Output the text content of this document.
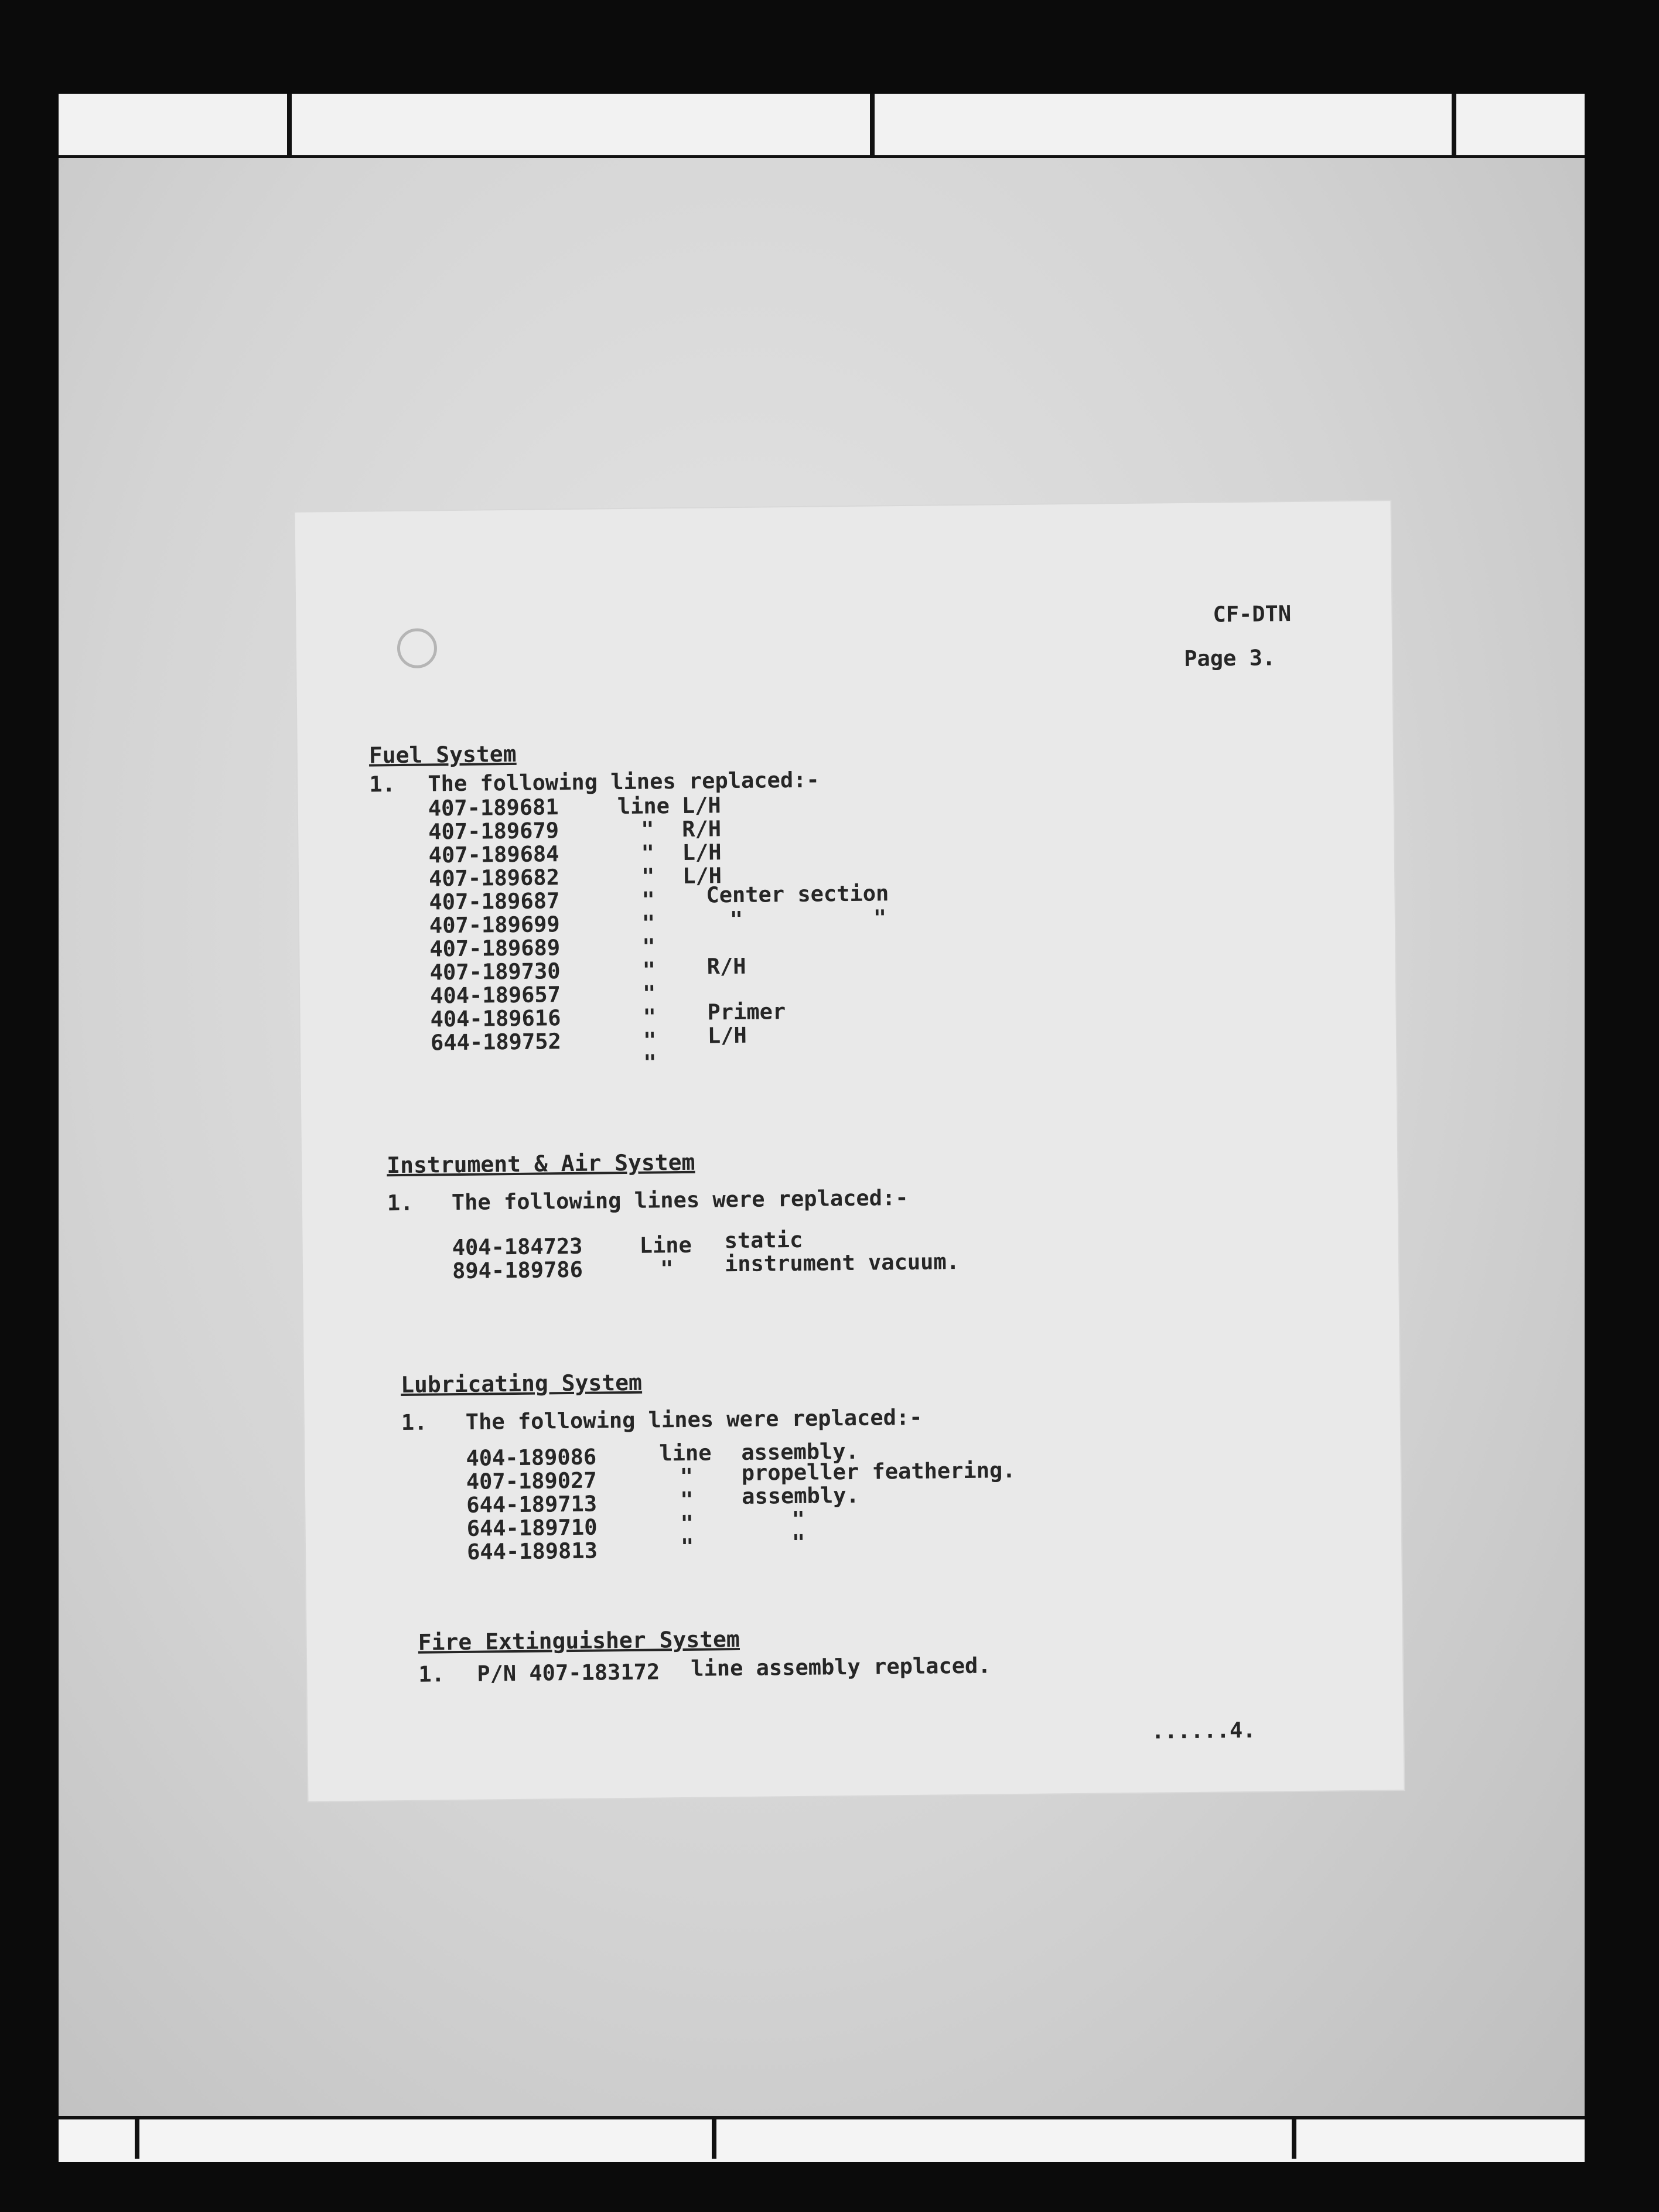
CF-DTN
Page 3.
Fuel System
1. The following lines replaced:-
407-189681	line L/H
407-189679	" R/H
407-189684	" L/H
407-189682	" L/H
407-189687	" Center section
407-189699	"	"          "
407-189689	"
407-189730	" R/H
404-189657	"
404-189616	" Primer
644-189752	" L/H
"
Instrument & Air System
1. The following lines were replaced:-
404-184723	Line static
894-189786	" instrument vacuum.
Lubricating System
1. The following lines were replaced:-
404-189086	line assembly.
407-189027	" propeller feathering.
644-189713	" assembly.
644-189710	"	"
644-189813	"	"
Fire Extinguisher System
1. P/N 407-183172 line assembly replaced.
......4.
